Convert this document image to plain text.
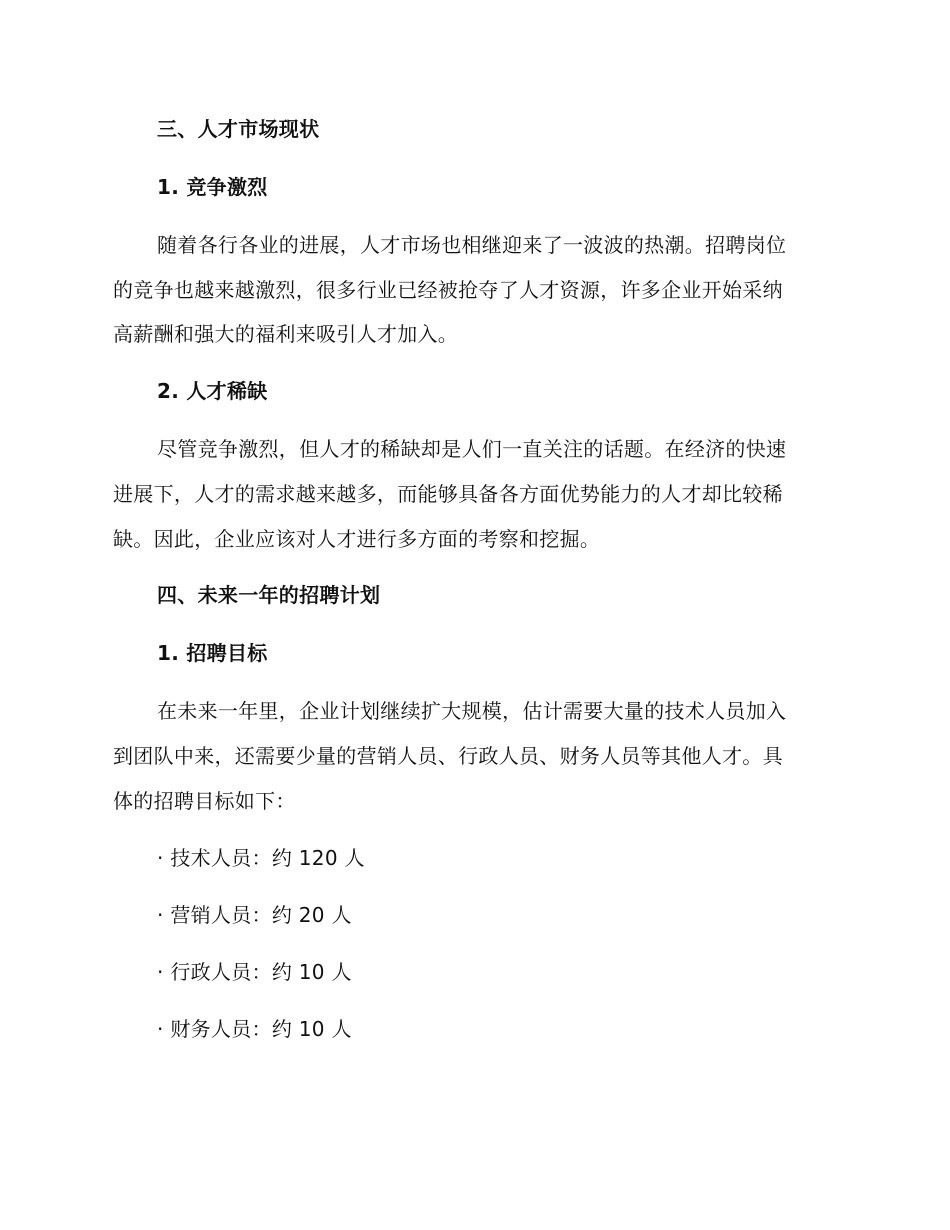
三、人才市场现状
1. 竞争激烈
随着各行各业的进展，人才市场也相继迎来了一波波的热潮。招聘岗位
的竞争也越来越激烈，很多行业已经被抢夺了人才资源，许多企业开始采纳
高薪酬和强大的福利来吸引人才加入。
2. 人才稀缺
尽管竞争激烈，但人才的稀缺却是人们一直关注的话题。在经济的快速
进展下，人才的需求越来越多，而能够具备各方面优势能力的人才却比较稀
缺。因此，企业应该对人才进行多方面的考察和挖掘。
四、未来一年的招聘计划
1. 招聘目标
在未来一年里，企业计划继续扩大规模，估计需要大量的技术人员加入
到团队中来，还需要少量的营销人员、行政人员、财务人员等其他人才。具
体的招聘目标如下：
· 技术人员：约 120 人
· 营销人员：约 20 人
· 行政人员：约 10 人
· 财务人员：约 10 人
